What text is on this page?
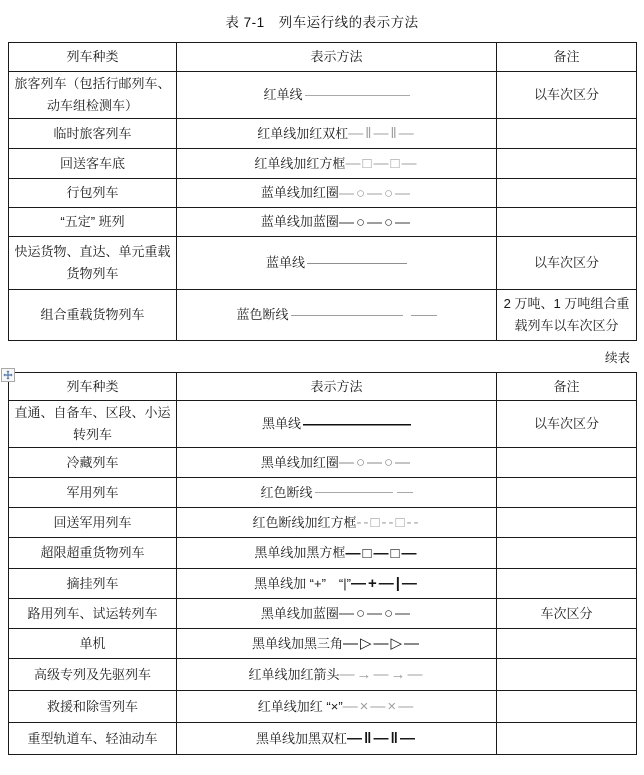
表 7-1　列车运行线的表示方法
列车种类	表示方法	备注
旅客列车（包括行邮列车、动车组检测车）	红单线	以车次区分
临时旅客列车	红单线加红双杠 —‖—‖—	

回送客车底	红单线加红方框 —□—□—	

行包列车	蓝单线加红圈 —○—○—	

“五定” 班列	蓝单线加蓝圈 —○—○—	

快运货物、直达、单元重载货物列车	蓝单线	以车次区分
组合重载货物列车	蓝色断线	2 万吨、1 万吨组合重载列车以车次区分
续表
列车种类	表示方法	备注
直通、自备车、区段、小运转列车	黑单线	以车次区分
冷藏列车	黑单线加红圈 —○—○—	

军用列车	红色断线	

回送军用列车	红色断线加红方框 --□--□--	

超限超重货物列车	黑单线加黑方框 —□—□—	

摘挂列车	黑单线加 “+”　“|” —+—|—	

路用列车、试运转列车	黑单线加蓝圈 —○—○—	车次区分
单机	黑单线加黑三角 —▷—▷—	

高级专列及先驱列车	红单线加红箭头 —→—→—	

救援和除雪列车	红单线加红 “×” —×—×—	

重型轨道车、轻油动车	黑单线加黑双杠 —‖—‖—	
